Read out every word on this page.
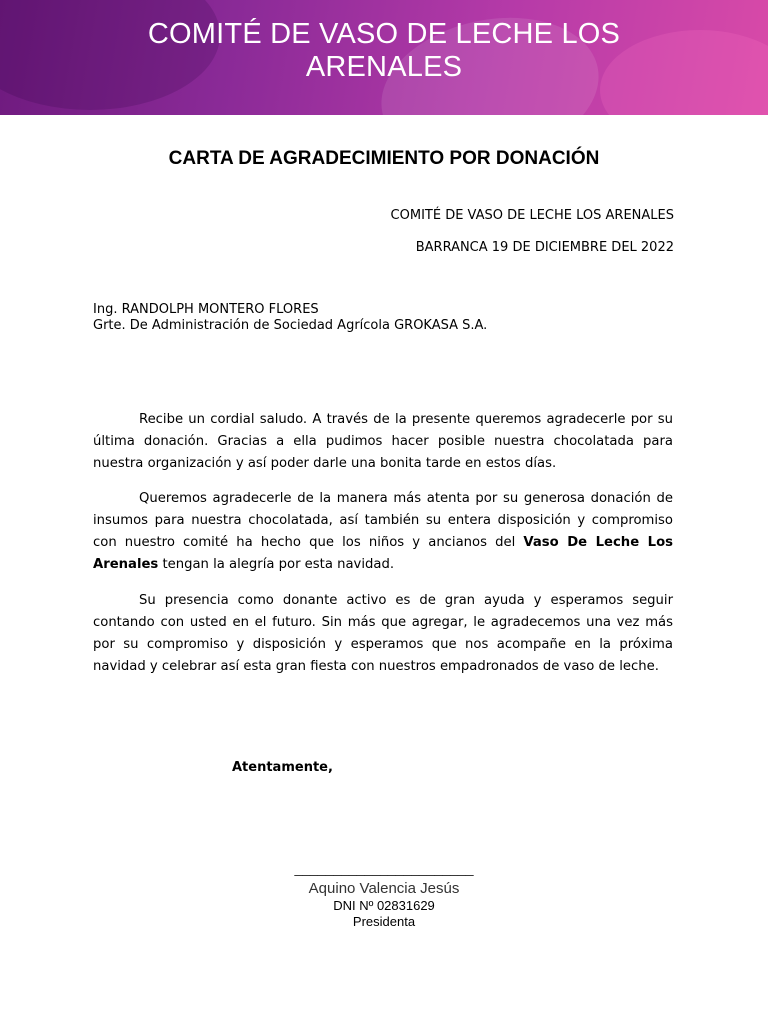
COMITÉ DE VASO DE LECHE LOS
ARENALES
CARTA DE AGRADECIMIENTO POR DONACIÓN
COMITÉ DE VASO DE LECHE LOS ARENALES
BARRANCA 19 DE DICIEMBRE DEL 2022
Ing. RANDOLPH MONTERO FLORES
Grte. De Administración de Sociedad Agrícola GROKASA S.A.
Recibe un cordial saludo. A través de la presente queremos agradecerle por su última donación. Gracias a ella pudimos hacer posible nuestra chocolatada para nuestra organización y así poder darle una bonita tarde en estos días.
Queremos agradecerle de la manera más atenta por su generosa donación de insumos para nuestra chocolatada, así también su entera disposición y compromiso con nuestro comité ha hecho que los niños y ancianos del Vaso De Leche Los Arenales tengan la alegría por esta navidad.
Su presencia como donante activo es de gran ayuda y esperamos seguir contando con usted en el futuro. Sin más que agregar, le agradecemos una vez más por su compromiso y disposición y esperamos que nos acompañe en la próxima navidad y celebrar así esta gran fiesta con nuestros empadronados de vaso de leche.
Atentamente,
_______________________
Aquino Valencia Jesús
DNI Nº 02831629
Presidenta
